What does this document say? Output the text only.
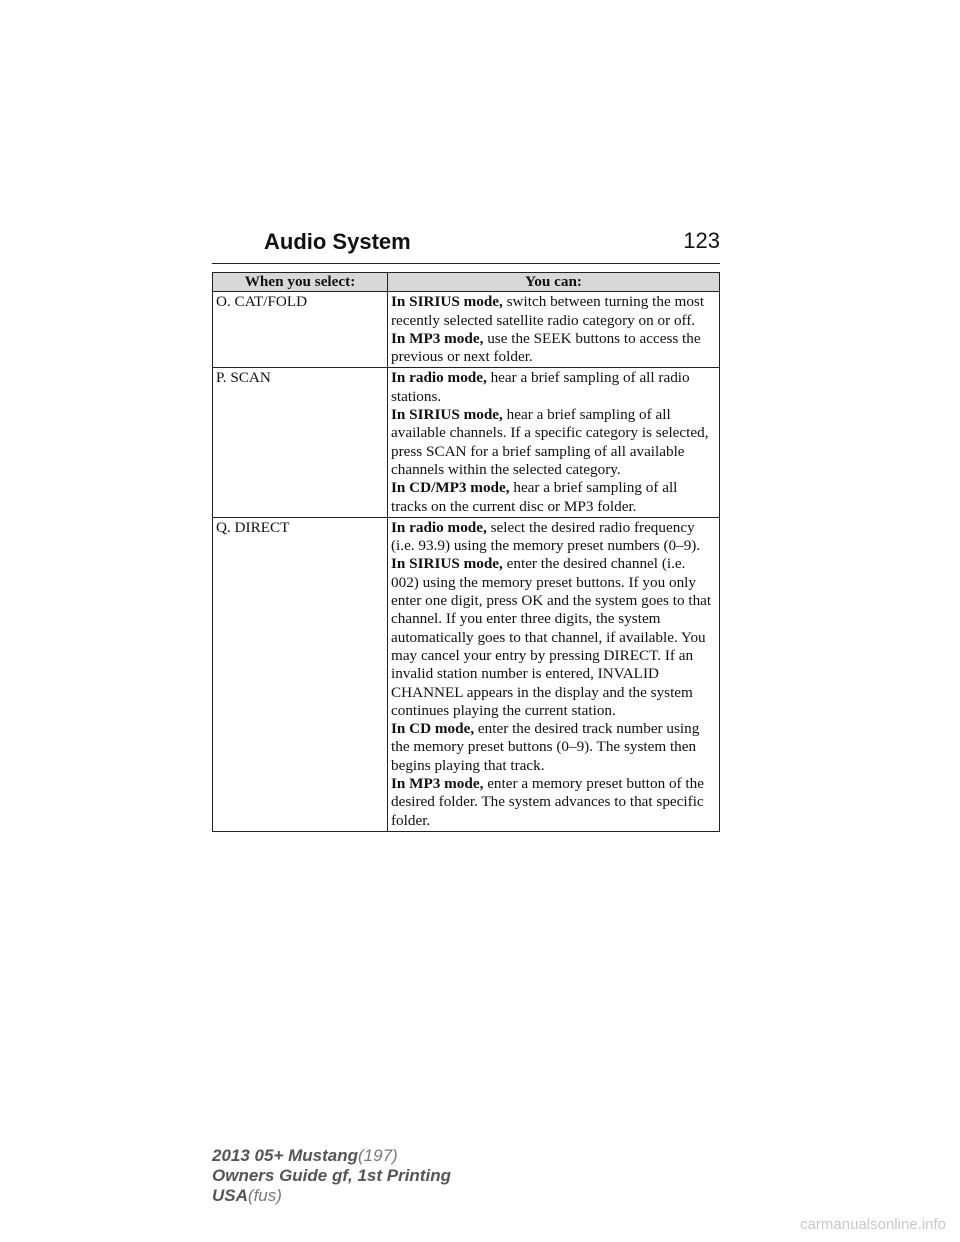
Audio System	123
When you select:	You can:
O. CAT/FOLD	In SIRIUS mode, switch between turning the most recently selected satellite radio category on or off.

In MP3 mode, use the SEEK buttons to access the previous or next folder.

P. SCAN	In radio mode, hear a brief sampling of all radio stations.

In SIRIUS mode, hear a brief sampling of all available channels. If a specific category is selected, press SCAN for a brief sampling of all available channels within the selected category.

In CD/MP3 mode, hear a brief sampling of all tracks on the current disc or MP3 folder.

Q. DIRECT	In radio mode, select the desired radio frequency (i.e. 93.9) using the memory preset numbers (0–9).

In SIRIUS mode, enter the desired channel (i.e. 002) using the memory preset buttons. If you only enter one digit, press OK and the system goes to that channel. If you enter three digits, the system automatically goes to that channel, if available. You may cancel your entry by pressing DIRECT. If an invalid station number is entered, INVALID CHANNEL appears in the display and the system continues playing the current station.

In CD mode, enter the desired track number using the memory preset buttons (0–9). The system then begins playing that track.

In MP3 mode, enter a memory preset button of the desired folder. The system advances to that specific folder.

2013 05+ Mustang(197)
Owners Guide gf, 1st Printing
USA(fus)
carmanualsonline.info
